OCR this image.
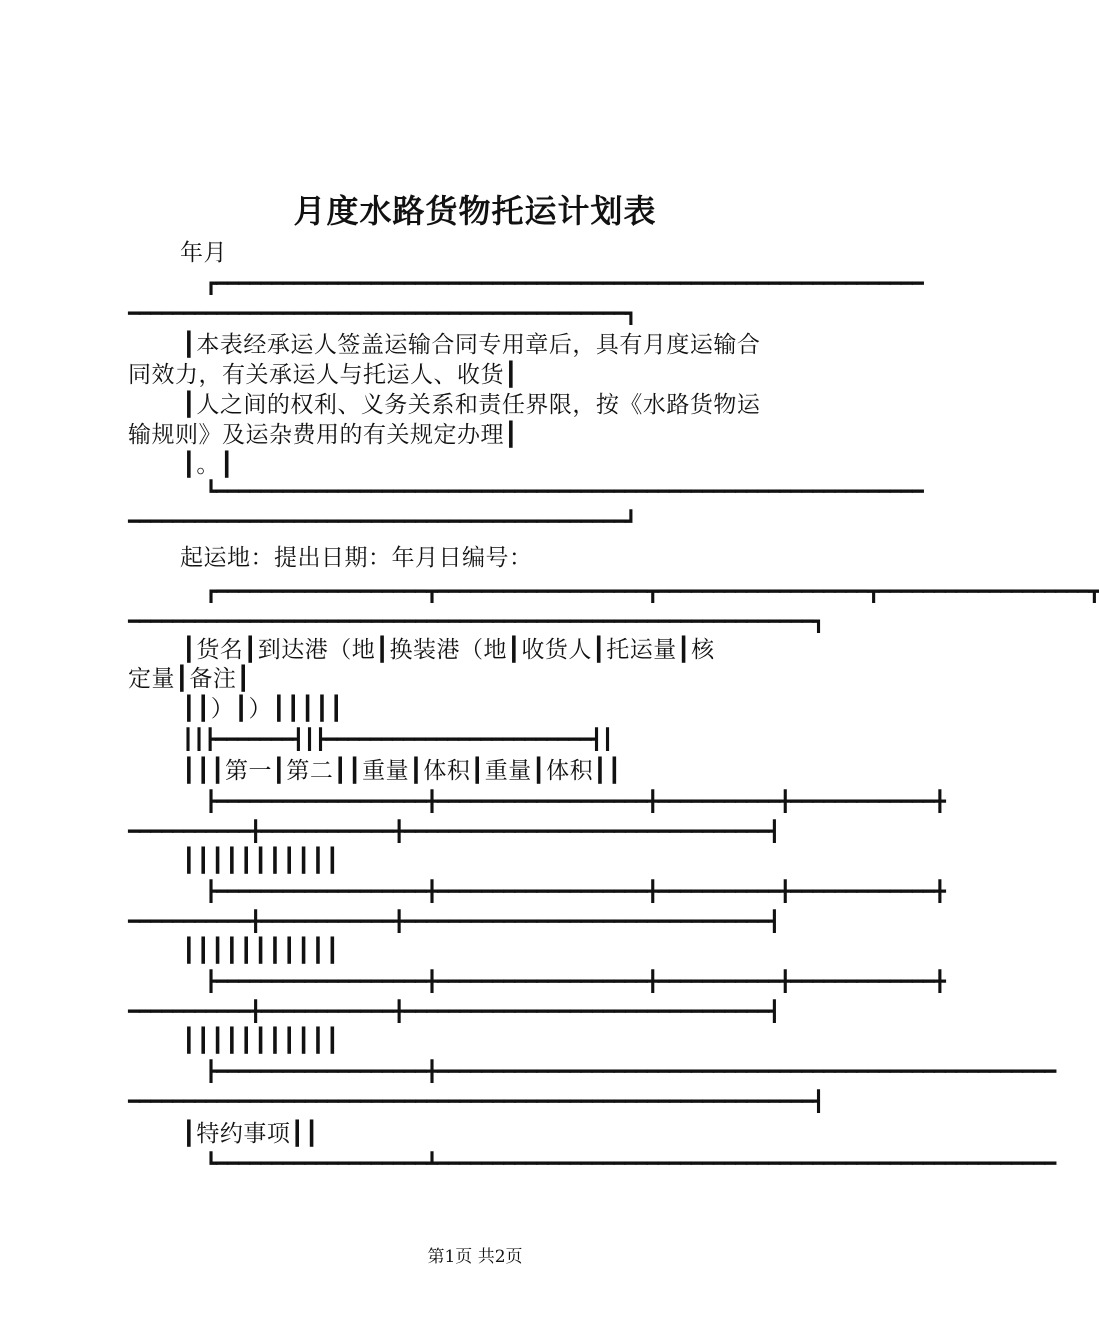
月度水路货物托运计划表
年月
┏━━━━━━━━━━━━━━━━━━━━━━━━━━━━━━━━━━━━━━━━━━━━━━━━━━━━━━━━━━━━━━━━
━━━━━━━━━━━━━━━━━━━━━━━━━━━━━━━━━━━━━━━━━━━━━┓
┃本表经承运人签盖运输合同专用章后，具有月度运输合
同效力，有关承运人与托运人、收货┃
┃人之间的权利、义务关系和责任界限，按《水路货物运
输规则》及运杂费用的有关规定办理┃
┃。┃
┗━━━━━━━━━━━━━━━━━━━━━━━━━━━━━━━━━━━━━━━━━━━━━━━━━━━━━━━━━━━━━━━━
━━━━━━━━━━━━━━━━━━━━━━━━━━━━━━━━━━━━━━━━━━━━━┛
起运地：提出日期：年月日编号：
┏━━━━━━━━━━━━━━━━━━━┳━━━━━━━━━━━━━━━━━━━┳━━━━━━━━━━━━━━━━━━━┳━━━━━━━━━━━━━━━━━━━┳
━━━━━━━━━━━━━━━━━━━━━━━━━━━━━━━━━━━━━━━━━━━━━━━━━━━━━━━━━━━━━━┓
┃货名┃到达港（地┃换装港（地┃收货人┃托运量┃核
定量┃备注┃
┃┃）┃）┃┃┃┃┃
┃┃┣━━━━━━━┫┃┣━━━━━━━━━━━━━━━━━━━━━━━━┫┃
┃┃┃第一┃第二┃┃重量┃体积┃重量┃体积┃┃
┣━━━━━━━━━━━━━━━━━━━╋━━━━━━━━━━━━━━━━━━━╋━━━━━━━━━━━╋━━━━━━━━━━━━━╋
━━━━━━━━━━━╋━━━━━━━━━━━━╋━━━━━━━━━━━━━━━━━━━━━━━━━━━━━━━━━┫
┃┃┃┃┃┃┃┃┃┃┃
┣━━━━━━━━━━━━━━━━━━━╋━━━━━━━━━━━━━━━━━━━╋━━━━━━━━━━━╋━━━━━━━━━━━━━╋
━━━━━━━━━━━╋━━━━━━━━━━━━╋━━━━━━━━━━━━━━━━━━━━━━━━━━━━━━━━━┫
┃┃┃┃┃┃┃┃┃┃┃
┣━━━━━━━━━━━━━━━━━━━╋━━━━━━━━━━━━━━━━━━━╋━━━━━━━━━━━╋━━━━━━━━━━━━━╋
━━━━━━━━━━━╋━━━━━━━━━━━━╋━━━━━━━━━━━━━━━━━━━━━━━━━━━━━━━━━┫
┃┃┃┃┃┃┃┃┃┃┃
┣━━━━━━━━━━━━━━━━━━━╋━━━━━━━━━━━━━━━━━━━━━━━━━━━━━━━━━━━━━━━━━━━━━━━━━━━━━━━━
━━━━━━━━━━━━━━━━━━━━━━━━━━━━━━━━━━━━━━━━━━━━━━━━━━━━━━━━━━━━━━┫
┃特约事项┃┃
┗━━━━━━━━━━━━━━━━━━━┻━━━━━━━━━━━━━━━━━━━━━━━━━━━━━━━━━━━━━━━━━━━━━━━━━━━━━━━━
第1页 共2页
